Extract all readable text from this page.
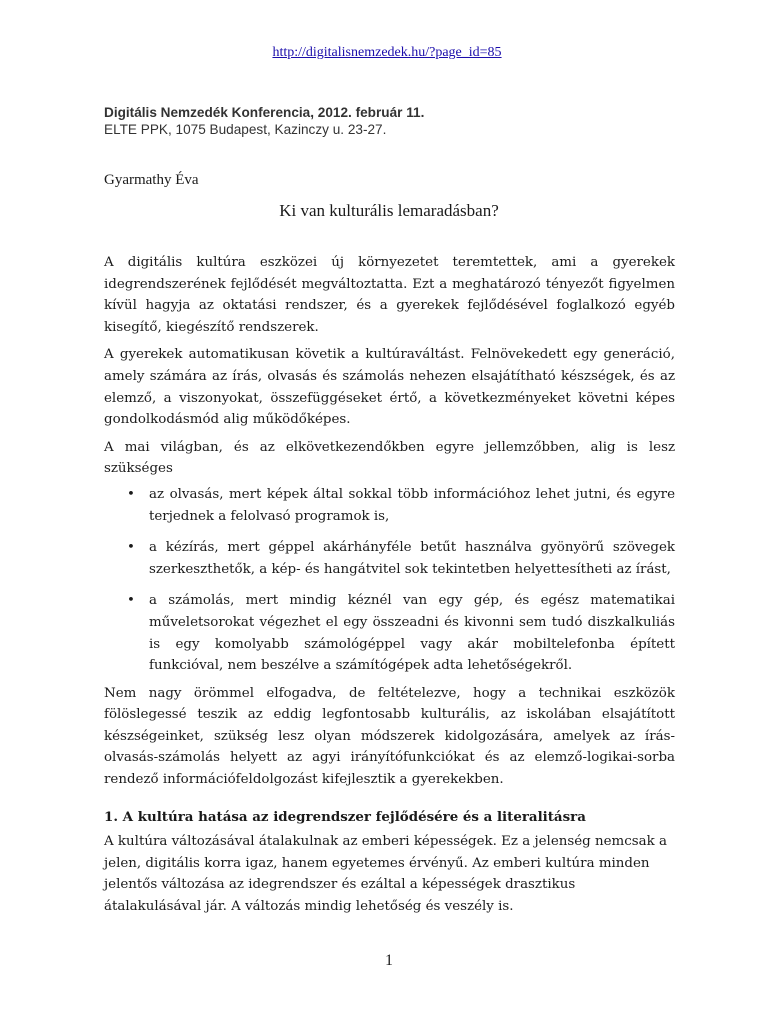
http://digitalisnemzedek.hu/?page_id=85
Digitális Nemzedék Konferencia, 2012. február 11.
ELTE PPK, 1075 Budapest, Kazinczy u. 23-27.
Gyarmathy Éva
Ki van kulturális lemaradásban?

A digitális kultúra eszközei új környezetet teremtettek, ami a gyerekek idegrendszerének fejlődését megváltoztatta. Ezt a meghatározó tényezőt figyelmen kívül hagyja az oktatási rendszer, és a gyerekek fejlődésével foglalkozó egyéb kisegítő, kiegészítő rendszerek.

A gyerekek automatikusan követik a kultúraváltást. Felnövekedett egy generáció, amely számára az írás, olvasás és számolás nehezen elsajátítható készségek, és az elemző, a viszonyokat, összefüggéseket értő, a következményeket követni képes gondolkodásmód alig működőképes.

A mai világban, és az elkövetkezendőkben egyre jellemzőbben, alig is lesz szükséges

• az olvasás, mert képek által sokkal több információhoz lehet jutni, és egyre terjednek a felolvasó programok is,
• a kézírás, mert géppel akárhányféle betűt használva gyönyörű szövegek szerkeszthetők, a kép- és hangátvitel sok tekintetben helyettesítheti az írást,
• a számolás, mert mindig kéznél van egy gép, és egész matematikai műveletsorokat végezhet el egy összeadni és kivonni sem tudó diszkalkuliás is egy komolyabb számológéppel vagy akár mobiltelefonba épített funkcióval, nem beszélve a számítógépek adta lehetőségekről.

Nem nagy örömmel elfogadva, de feltételezve, hogy a technikai eszközök fölöslegessé teszik az eddig legfontosabb kulturális, az iskolában elsajátított készségeinket, szükség lesz olyan módszerek kidolgozására, amelyek az írás-olvasás-számolás helyett az agyi irányítófunkciókat és az elemző-logikai-sorba rendező információfeldolgozást kifejlesztik a gyerekekben.

1. A kultúra hatása az idegrendszer fejlődésére és a literalitásra

A kultúra változásával átalakulnak az emberi képességek. Ez a jelenség nemcsak a jelen, digitális korra igaz, hanem egyetemes érvényű. Az emberi kultúra minden jelentős változása az idegrendszer és ezáltal a képességek drasztikus átalakulásával jár. A változás mindig lehetőség és veszély is.

1
